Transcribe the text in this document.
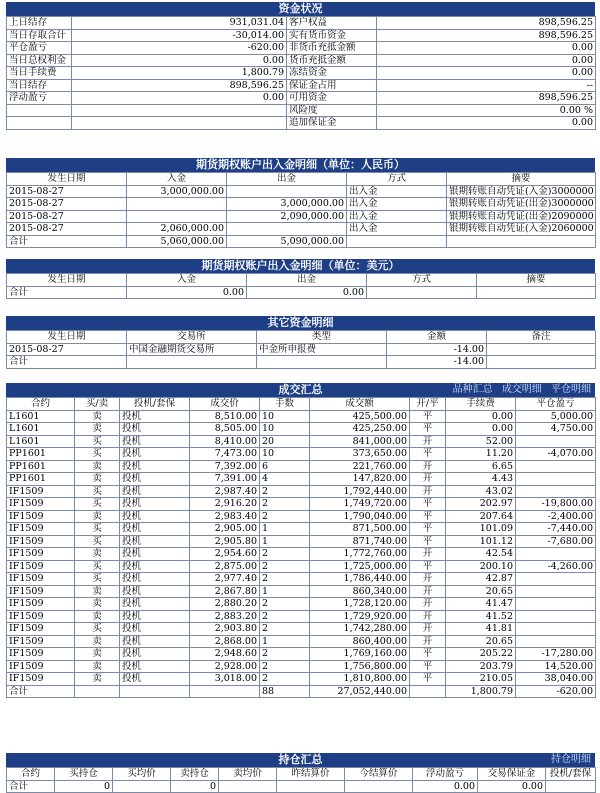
资金状况
上日结存	931,031.04	客户权益	898,596.25
当日存取合计	-30,014.00	实有货币资金	898,596.25
平仓盈亏	-620.00	非货币充抵金额	0.00
当日总权利金	0.00	货币充抵金额	0.00
当日手续费	1,800.79	冻结资金	0.00
当日结存	898,596.25	保证金占用	--
浮动盈亏	0.00	可用资金	898,596.25
		风险度	0.00 %
		追加保证金	0.00
期货期权账户出入金明细（单位：人民币）
发生日期	入金	出金	方式	摘要
2015-08-27	3,000,000.00		出入金	银期转账自动凭证(入金)3000000
2015-08-27		3,000,000.00	出入金	银期转账自动凭证(出金)3000000
2015-08-27		2,090,000.00	出入金	银期转账自动凭证(出金)2090000
2015-08-27	2,060,000.00		出入金	银期转账自动凭证(入金)2060000
合计	5,060,000.00	5,090,000.00		
期货期权账户出入金明细（单位：美元）
发生日期	入金	出金	方式	摘要
合计	0.00	0.00		
其它资金明细
发生日期	交易所	类型	金额	备注
2015-08-27	中国金融期货交易所	中金所申报费	-14.00	
合计			-14.00	
成交汇总	品种汇总 成交明细 平仓明细
合约	买/卖	投机/套保	成交价	手数	成交额	开/平	手续费	平仓盈亏
L1601	卖	投机	8,510.00	10	425,500.00	平	0.00	5,000.00
L1601	卖	投机	8,505.00	10	425,250.00	平	0.00	4,750.00
L1601	买	投机	8,410.00	20	841,000.00	开	52.00	
PP1601	买	投机	7,473.00	10	373,650.00	平	11.20	-4,070.00
PP1601	卖	投机	7,392.00	6	221,760.00	开	6.65	
PP1601	卖	投机	7,391.00	4	147,820.00	开	4.43	
IF1509	买	投机	2,987.40	2	1,792,440.00	开	43.02	
IF1509	买	投机	2,916.20	2	1,749,720.00	平	202.97	-19,800.00
IF1509	卖	投机	2,983.40	2	1,790,040.00	平	207.64	-2,400.00
IF1509	买	投机	2,905.00	1	871,500.00	平	101.09	-7,440.00
IF1509	买	投机	2,905.80	1	871,740.00	平	101.12	-7,680.00
IF1509	卖	投机	2,954.60	2	1,772,760.00	开	42.54	
IF1509	买	投机	2,875.00	2	1,725,000.00	平	200.10	-4,260.00
IF1509	买	投机	2,977.40	2	1,786,440.00	开	42.87	
IF1509	卖	投机	2,867.80	1	860,340.00	开	20.65	
IF1509	卖	投机	2,880.20	2	1,728,120.00	开	41.47	
IF1509	卖	投机	2,883.20	2	1,729,920.00	开	41.52	
IF1509	买	投机	2,903.80	2	1,742,280.00	开	41.81	
IF1509	卖	投机	2,868.00	1	860,400.00	开	20.65	
IF1509	卖	投机	2,948.60	2	1,769,160.00	平	205.22	-17,280.00
IF1509	卖	投机	2,928.00	2	1,756,800.00	平	203.79	14,520.00
IF1509	卖	投机	3,018.00	2	1,810,800.00	平	210.05	38,040.00
合计				88	27,052,440.00		1,800.79	-620.00
持仓汇总	持仓明细
合约	买持仓	买均价	卖持仓	卖均价	昨结算价	今结算价	浮动盈亏	交易保证金	投机/套保
合计	0		0				0.00	0.00	
